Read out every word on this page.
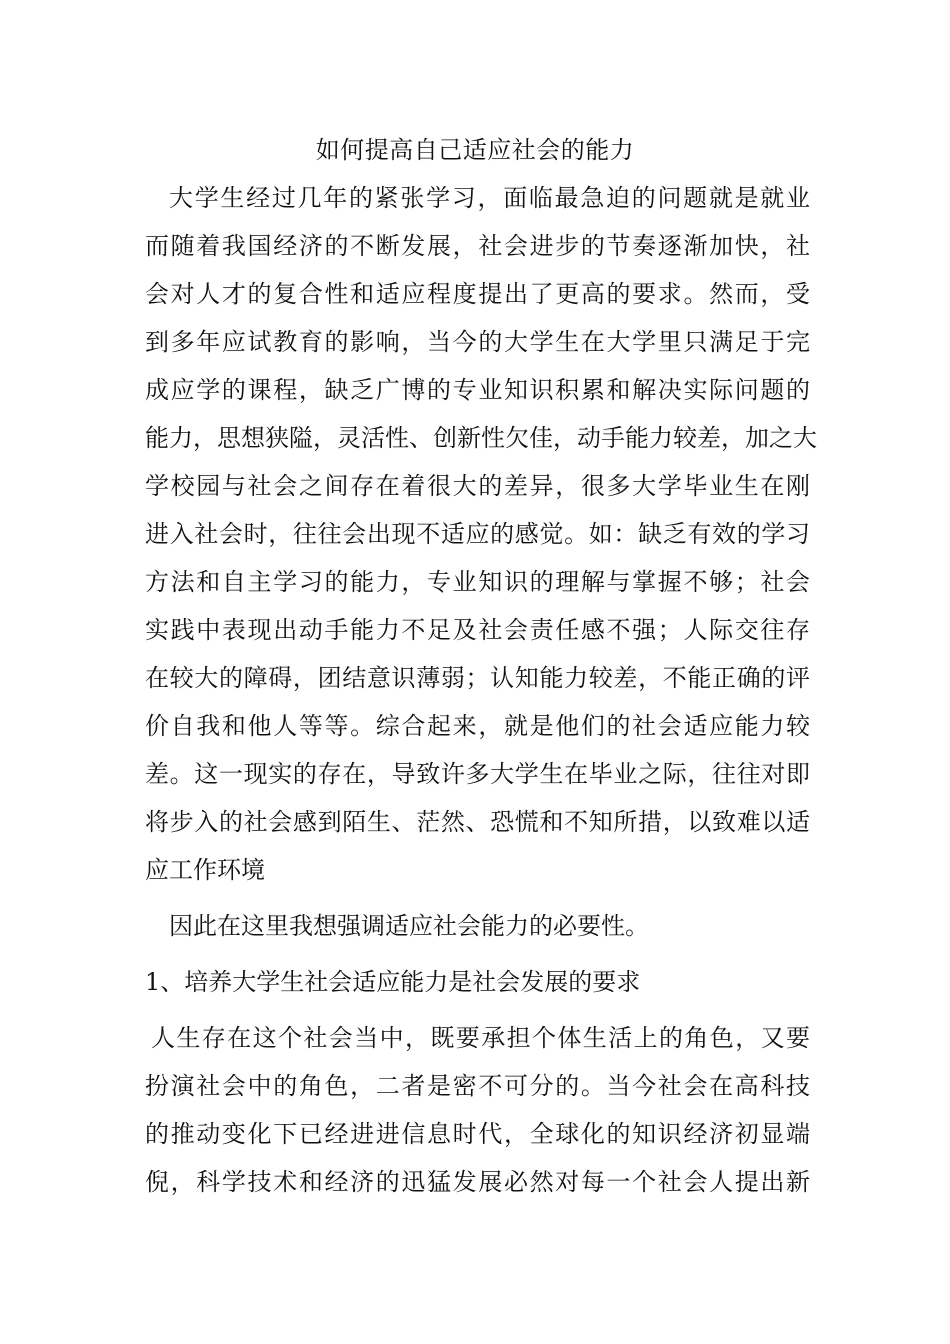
如何提高自己适应社会的能力
大学生经过几年的紧张学习，面临最急迫的问题就是就业
而随着我国经济的不断发展，社会进步的节奏逐渐加快，社
会对人才的复合性和适应程度提出了更高的要求。然而，受
到多年应试教育的影响，当今的大学生在大学里只满足于完
成应学的课程，缺乏广博的专业知识积累和解决实际问题的
能力，思想狭隘，灵活性、创新性欠佳，动手能力较差，加之大
学校园与社会之间存在着很大的差异，很多大学毕业生在刚
进入社会时，往往会出现不适应的感觉。如：缺乏有效的学习
方法和自主学习的能力，专业知识的理解与掌握不够；社会
实践中表现出动手能力不足及社会责任感不强；人际交往存
在较大的障碍，团结意识薄弱；认知能力较差，不能正确的评
价自我和他人等等。综合起来，就是他们的社会适应能力较
差。这一现实的存在，导致许多大学生在毕业之际，往往对即
将步入的社会感到陌生、茫然、恐慌和不知所措，以致难以适
应工作环境
因此在这里我想强调适应社会能力的必要性。
1、培养大学生社会适应能力是社会发展的要求
人生存在这个社会当中，既要承担个体生活上的角色，又要
扮演社会中的角色，二者是密不可分的。当今社会在高科技
的推动变化下已经进进信息时代，全球化的知识经济初显端
倪，科学技术和经济的迅猛发展必然对每一个社会人提出新
